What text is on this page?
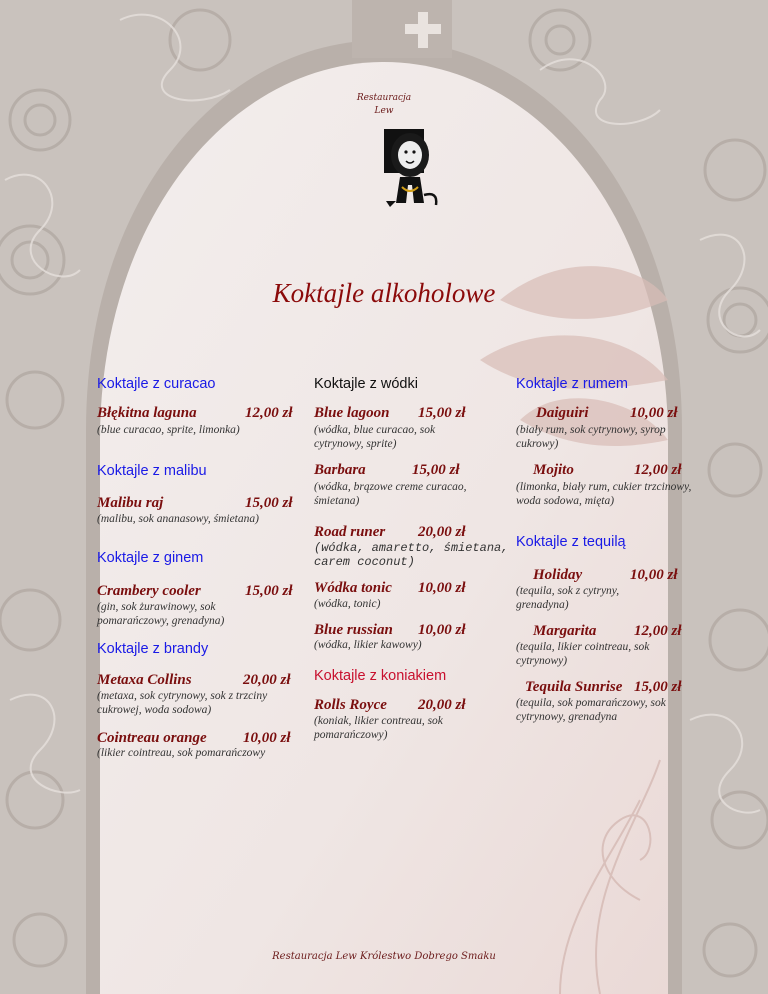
Restauracja
Lew
Koktajle alkoholowe
Koktajle z curacao
Błękitna laguna	12,00 zł
(blue curacao, sprite, limonka)
Koktajle z malibu
Malibu raj	15,00 zł
(malibu, sok ananasowy, śmietana)
Koktajle z ginem
Crambery cooler	15,00 zł
(gin, sok żurawinowy, sok pomarańczowy, grenadyna)
Koktajle z brandy
Metaxa Collins	20,00 zł
(metaxa, sok cytrynowy, sok z trzciny cukrowej, woda sodowa)
Cointreau orange 10,00 zł
(likier cointreau, sok pomarańczowy
Koktajle z wódki
Blue lagoon 15,00 zł
(wódka, blue curacao, sok cytrynowy, sprite)
Barbara	15,00 zł
(wódka, brązowe creme curacao, śmietana)
Road runer 20,00 zł
(wódka, amaretto, śmietana, carem coconut)
Wódka tonic 10,00 zł
(wódka, tonic)
Blue russian 10,00 zł
(wódka, likier kawowy)
Koktajle z koniakiem
Rolls Royce 20,00 zł
(koniak, likier contreau, sok pomarańczowy)
Koktajle z rumem
Daiguiri	10,00 zł
(biały rum, sok cytrynowy, syrop cukrowy)
Mojito	12,00 zł
(limonka, biały rum, cukier trzcinowy, woda sodowa, mięta)
Koktajle z tequilą
Holiday	10,00 zł
(tequila, sok z cytryny, grenadyna)
Margarita	12,00 zł
(tequila, likier cointreau, sok cytrynowy)
Tequila Sunrise 15,00 zł
(tequila, sok pomarańczowy, sok cytrynowy, grenadyna
Restauracja Lew Królestwo Dobrego Smaku
